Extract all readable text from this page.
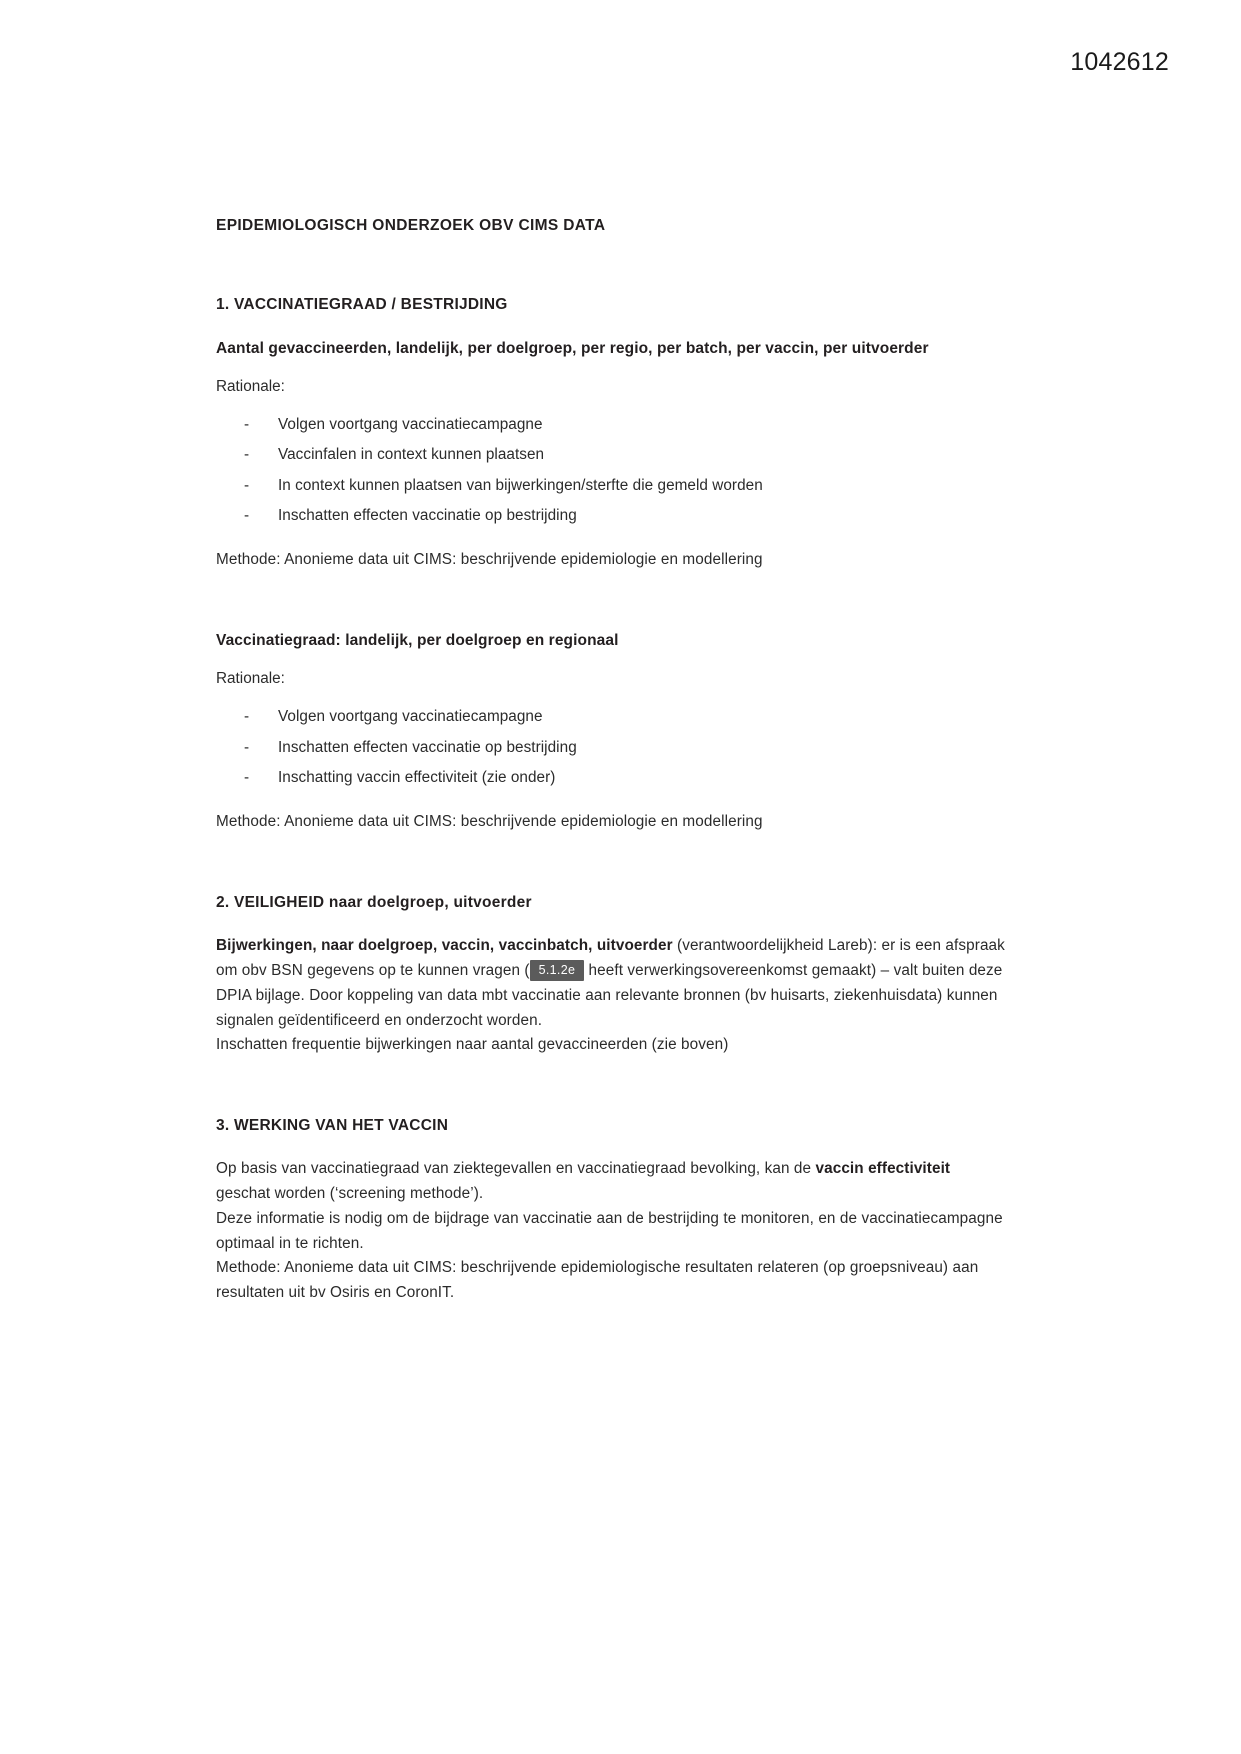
1042612
EPIDEMIOLOGISCH ONDERZOEK OBV CIMS DATA
1. VACCINATIEGRAAD / BESTRIJDING
Aantal gevaccineerden, landelijk, per doelgroep, per regio, per batch, per vaccin, per uitvoerder
Rationale:
- Volgen voortgang vaccinatiecampagne
- Vaccinfalen in context kunnen plaatsen
- In context kunnen plaatsen van bijwerkingen/sterfte die gemeld worden
- Inschatten effecten vaccinatie op bestrijding

Methode: Anonieme data uit CIMS: beschrijvende epidemiologie en modellering

Vaccinatiegraad: landelijk, per doelgroep en regionaal
Rationale:
- Volgen voortgang vaccinatiecampagne
- Inschatten effecten vaccinatie op bestrijding
- Inschatting vaccin effectiviteit (zie onder)

Methode: Anonieme data uit CIMS: beschrijvende epidemiologie en modellering

2. VEILIGHEID naar doelgroep, uitvoerder

Bijwerkingen, naar doelgroep, vaccin, vaccinbatch, uitvoerder (verantwoordelijkheid Lareb): er is een afspraak om obv BSN gegevens op te kunnen vragen ( 5.1.2e heeft verwerkingsovereenkomst gemaakt) – valt buiten deze DPIA bijlage. Door koppeling van data mbt vaccinatie aan relevante bronnen (bv huisarts, ziekenhuisdata) kunnen signalen geïdentificeerd en onderzocht worden.

Inschatten frequentie bijwerkingen naar aantal gevaccineerden (zie boven)

3. WERKING VAN HET VACCIN

Op basis van vaccinatiegraad van ziektegevallen en vaccinatiegraad bevolking, kan de vaccin effectiviteit geschat worden (‘screening methode’).

Deze informatie is nodig om de bijdrage van vaccinatie aan de bestrijding te monitoren, en de vaccinatiecampagne optimaal in te richten.

Methode: Anonieme data uit CIMS: beschrijvende epidemiologische resultaten relateren (op groepsniveau) aan resultaten uit bv Osiris en CoronIT.
